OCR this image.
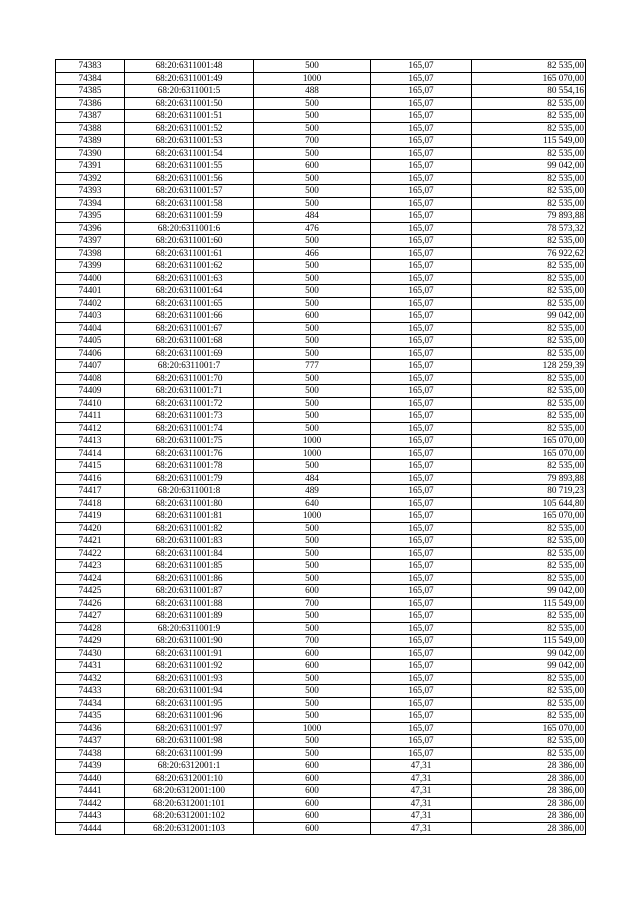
74383	68:20:6311001:48	500	165,07	82 535,00
74384	68:20:6311001:49	1000	165,07	165 070,00
74385	68:20:6311001:5	488	165,07	80 554,16
74386	68:20:6311001:50	500	165,07	82 535,00
74387	68:20:6311001:51	500	165,07	82 535,00
74388	68:20:6311001:52	500	165,07	82 535,00
74389	68:20:6311001:53	700	165,07	115 549,00
74390	68:20:6311001:54	500	165,07	82 535,00
74391	68:20:6311001:55	600	165,07	99 042,00
74392	68:20:6311001:56	500	165,07	82 535,00
74393	68:20:6311001:57	500	165,07	82 535,00
74394	68:20:6311001:58	500	165,07	82 535,00
74395	68:20:6311001:59	484	165,07	79 893,88
74396	68:20:6311001:6	476	165,07	78 573,32
74397	68:20:6311001:60	500	165,07	82 535,00
74398	68:20:6311001:61	466	165,07	76 922,62
74399	68:20:6311001:62	500	165,07	82 535,00
74400	68:20:6311001:63	500	165,07	82 535,00
74401	68:20:6311001:64	500	165,07	82 535,00
74402	68:20:6311001:65	500	165,07	82 535,00
74403	68:20:6311001:66	600	165,07	99 042,00
74404	68:20:6311001:67	500	165,07	82 535,00
74405	68:20:6311001:68	500	165,07	82 535,00
74406	68:20:6311001:69	500	165,07	82 535,00
74407	68:20:6311001:7	777	165,07	128 259,39
74408	68:20:6311001:70	500	165,07	82 535,00
74409	68:20:6311001:71	500	165,07	82 535,00
74410	68:20:6311001:72	500	165,07	82 535,00
74411	68:20:6311001:73	500	165,07	82 535,00
74412	68:20:6311001:74	500	165,07	82 535,00
74413	68:20:6311001:75	1000	165,07	165 070,00
74414	68:20:6311001:76	1000	165,07	165 070,00
74415	68:20:6311001:78	500	165,07	82 535,00
74416	68:20:6311001:79	484	165,07	79 893,88
74417	68:20:6311001:8	489	165,07	80 719,23
74418	68:20:6311001:80	640	165,07	105 644,80
74419	68:20:6311001:81	1000	165,07	165 070,00
74420	68:20:6311001:82	500	165,07	82 535,00
74421	68:20:6311001:83	500	165,07	82 535,00
74422	68:20:6311001:84	500	165,07	82 535,00
74423	68:20:6311001:85	500	165,07	82 535,00
74424	68:20:6311001:86	500	165,07	82 535,00
74425	68:20:6311001:87	600	165,07	99 042,00
74426	68:20:6311001:88	700	165,07	115 549,00
74427	68:20:6311001:89	500	165,07	82 535,00
74428	68:20:6311001:9	500	165,07	82 535,00
74429	68:20:6311001:90	700	165,07	115 549,00
74430	68:20:6311001:91	600	165,07	99 042,00
74431	68:20:6311001:92	600	165,07	99 042,00
74432	68:20:6311001:93	500	165,07	82 535,00
74433	68:20:6311001:94	500	165,07	82 535,00
74434	68:20:6311001:95	500	165,07	82 535,00
74435	68:20:6311001:96	500	165,07	82 535,00
74436	68:20:6311001:97	1000	165,07	165 070,00
74437	68:20:6311001:98	500	165,07	82 535,00
74438	68:20:6311001:99	500	165,07	82 535,00
74439	68:20:6312001:1	600	47,31	28 386,00
74440	68:20:6312001:10	600	47,31	28 386,00
74441	68:20:6312001:100	600	47,31	28 386,00
74442	68:20:6312001:101	600	47,31	28 386,00
74443	68:20:6312001:102	600	47,31	28 386,00
74444	68:20:6312001:103	600	47,31	28 386,00
